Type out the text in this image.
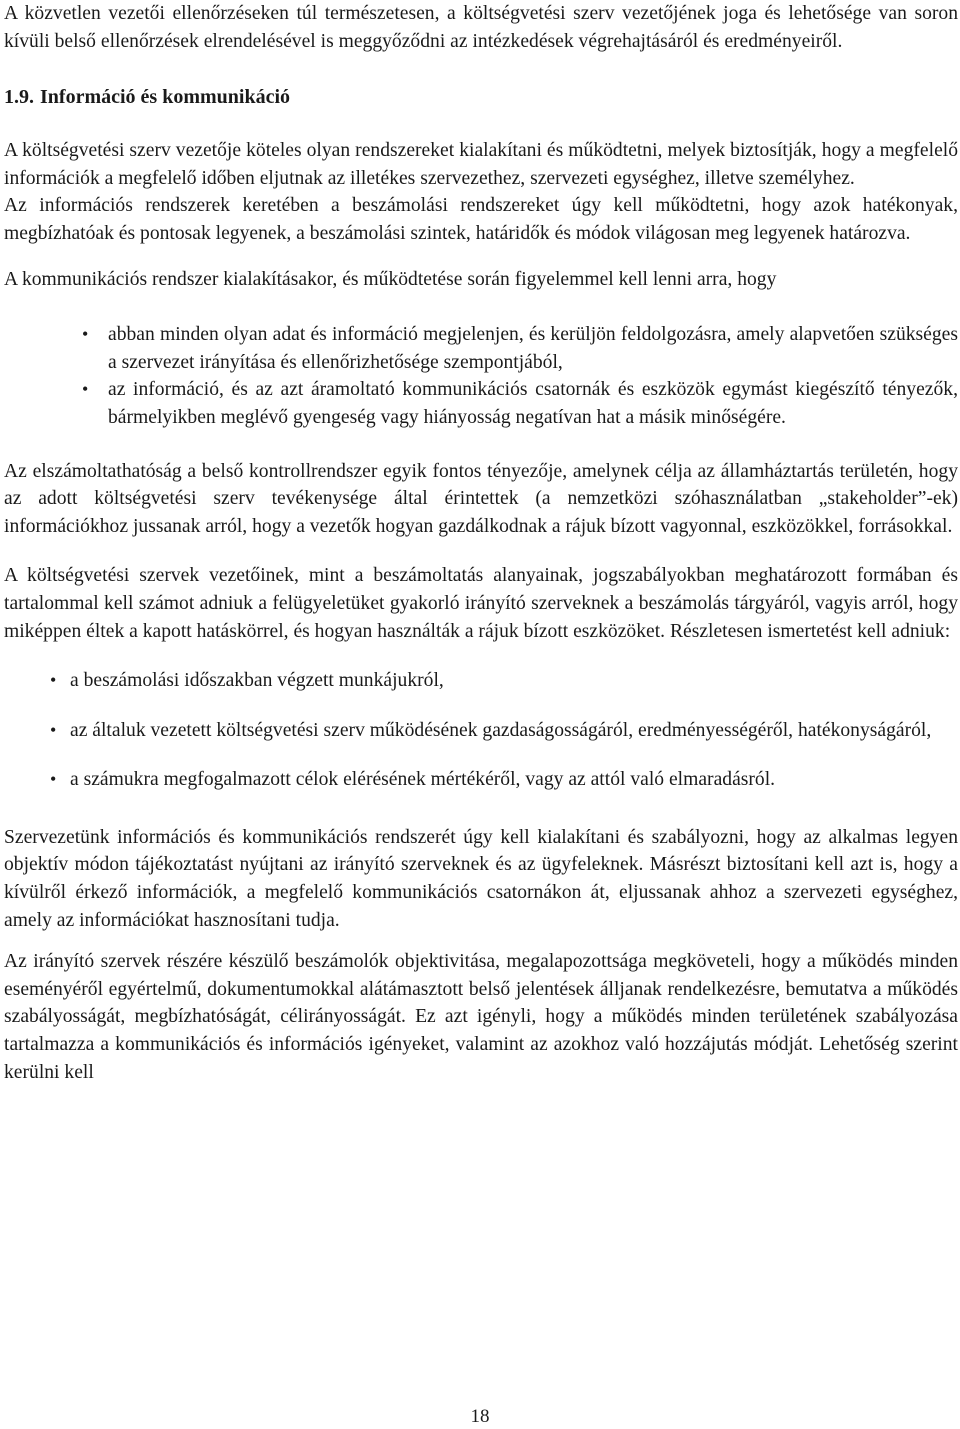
A közvetlen vezetői ellenőrzéseken túl természetesen, a költségvetési szerv vezetőjének joga és lehetősége van soron kívüli belső ellenőrzések elrendelésével is meggyőződni az intézkedések végrehajtásáról és eredményeiről.

1.9. Információ és kommunikáció

A költségvetési szerv vezetője köteles olyan rendszereket kialakítani és működtetni, melyek biztosítják, hogy a megfelelő információk a megfelelő időben eljutnak az illetékes szervezethez, szervezeti egységhez, illetve személyhez.

Az információs rendszerek keretében a beszámolási rendszereket úgy kell működtetni, hogy azok hatékonyak, megbízhatóak és pontosak legyenek, a beszámolási szintek, határidők és módok világosan meg legyenek határozva.

A kommunikációs rendszer kialakításakor, és működtetése során figyelemmel kell lenni arra, hogy

• abban minden olyan adat és információ megjelenjen, és kerüljön feldolgozásra, amely alapvetően szükséges a szervezet irányítása és ellenőrizhetősége szempontjából,
• az információ, és az azt áramoltató kommunikációs csatornák és eszközök egymást kiegészítő tényezők, bármelyikben meglévő gyengeség vagy hiányosság negatívan hat a másik minőségére.

Az elszámoltathatóság a belső kontrollrendszer egyik fontos tényezője, amelynek célja az államháztartás területén, hogy az adott költségvetési szerv tevékenysége által érintettek (a nemzetközi szóhasználatban „stakeholder”-ek) információkhoz jussanak arról, hogy a vezetők hogyan gazdálkodnak a rájuk bízott vagyonnal, eszközökkel, forrásokkal.

A költségvetési szervek vezetőinek, mint a beszámoltatás alanyainak, jogszabályokban meghatározott formában és tartalommal kell számot adniuk a felügyeletüket gyakorló irányító szerveknek a beszámolás tárgyáról, vagyis arról, hogy miképpen éltek a kapott hatáskörrel, és hogyan használták a rájuk bízott eszközöket. Részletesen ismertetést kell adniuk:

• a beszámolási időszakban végzett munkájukról,
• az általuk vezetett költségvetési szerv működésének gazdaságosságáról, eredményességéről, hatékonyságáról,
• a számukra megfogalmazott célok elérésének mértékéről, vagy az attól való elmaradásról.

Szervezetünk információs és kommunikációs rendszerét úgy kell kialakítani és szabályozni, hogy az alkalmas legyen objektív módon tájékoztatást nyújtani az irányító szerveknek és az ügyfeleknek. Másrészt biztosítani kell azt is, hogy a kívülről érkező információk, a megfelelő kommunikációs csatornákon át, eljussanak ahhoz a szervezeti egységhez, amely az információkat hasznosítani tudja.

Az irányító szervek részére készülő beszámolók objektivitása, megalapozottsága megköveteli, hogy a működés minden eseményéről egyértelmű, dokumentumokkal alátámasztott belső jelentések álljanak rendelkezésre, bemutatva a működés szabályosságát, megbízhatóságát, célirányosságát. Ez azt igényli, hogy a működés minden területének szabályozása tartalmazza a kommunikációs és információs igényeket, valamint az azokhoz való hozzájutás módját. Lehetőség szerint kerülni kell

18
